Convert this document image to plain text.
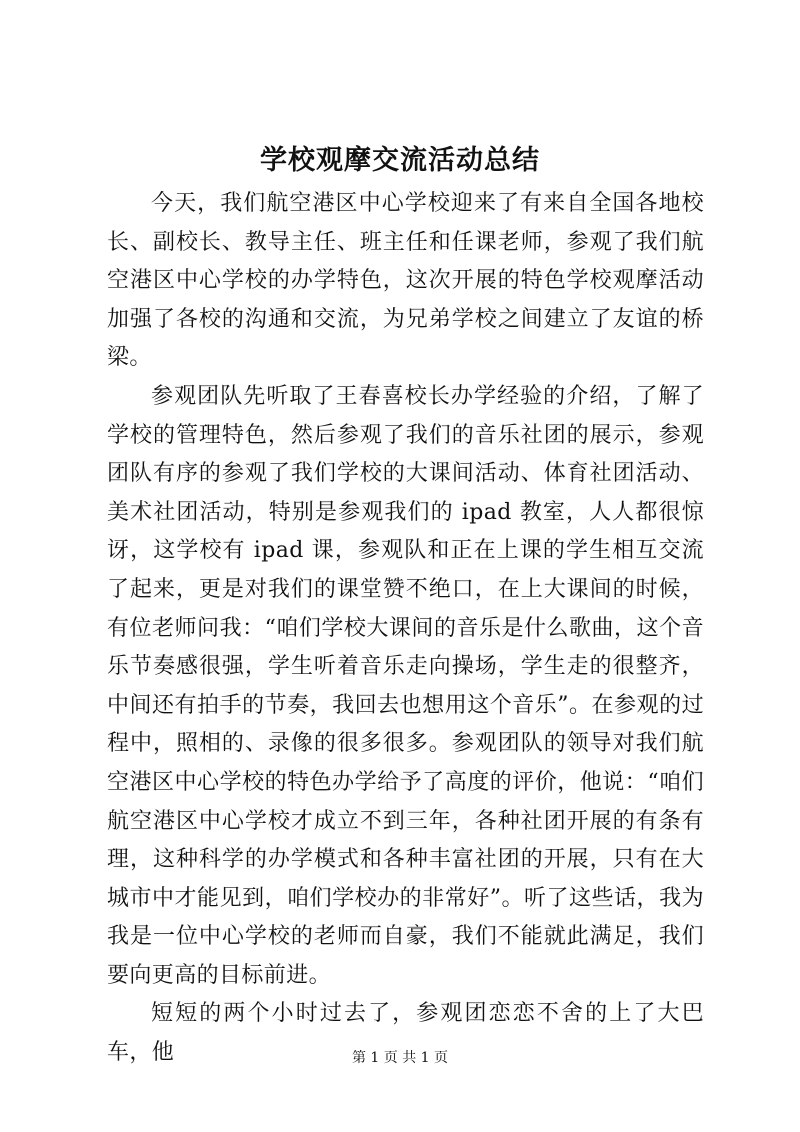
学校观摩交流活动总结

今天，我们航空港区中心学校迎来了有来自全国各地校长、副校长、教导主任、班主任和任课老师，参观了我们航空港区中心学校的办学特色，这次开展的特色学校观摩活动加强了各校的沟通和交流，为兄弟学校之间建立了友谊的桥梁。

参观团队先听取了王春喜校长办学经验的介绍，了解了学校的管理特色，然后参观了我们的音乐社团的展示，参观团队有序的参观了我们学校的大课间活动、体育社团活动、美术社团活动，特别是参观我们的 ipad 教室，人人都很惊讶，这学校有 ipad 课，参观队和正在上课的学生相互交流了起来，更是对我们的课堂赞不绝口，在上大课间的时候，有位老师问我：“咱们学校大课间的音乐是什么歌曲，这个音乐节奏感很强，学生听着音乐走向操场，学生走的很整齐，中间还有拍手的节奏，我回去也想用这个音乐”。在参观的过程中，照相的、录像的很多很多。参观团队的领导对我们航空港区中心学校的特色办学给予了高度的评价，他说：“咱们航空港区中心学校才成立不到三年，各种社团开展的有条有理，这种科学的办学模式和各种丰富社团的开展，只有在大城市中才能见到，咱们学校办的非常好”。听了这些话，我为我是一位中心学校的老师而自豪，我们不能就此满足，我们要向更高的目标前进。

短短的两个小时过去了，参观团恋恋不舍的上了大巴车，他	第 1 页 共 1 页
